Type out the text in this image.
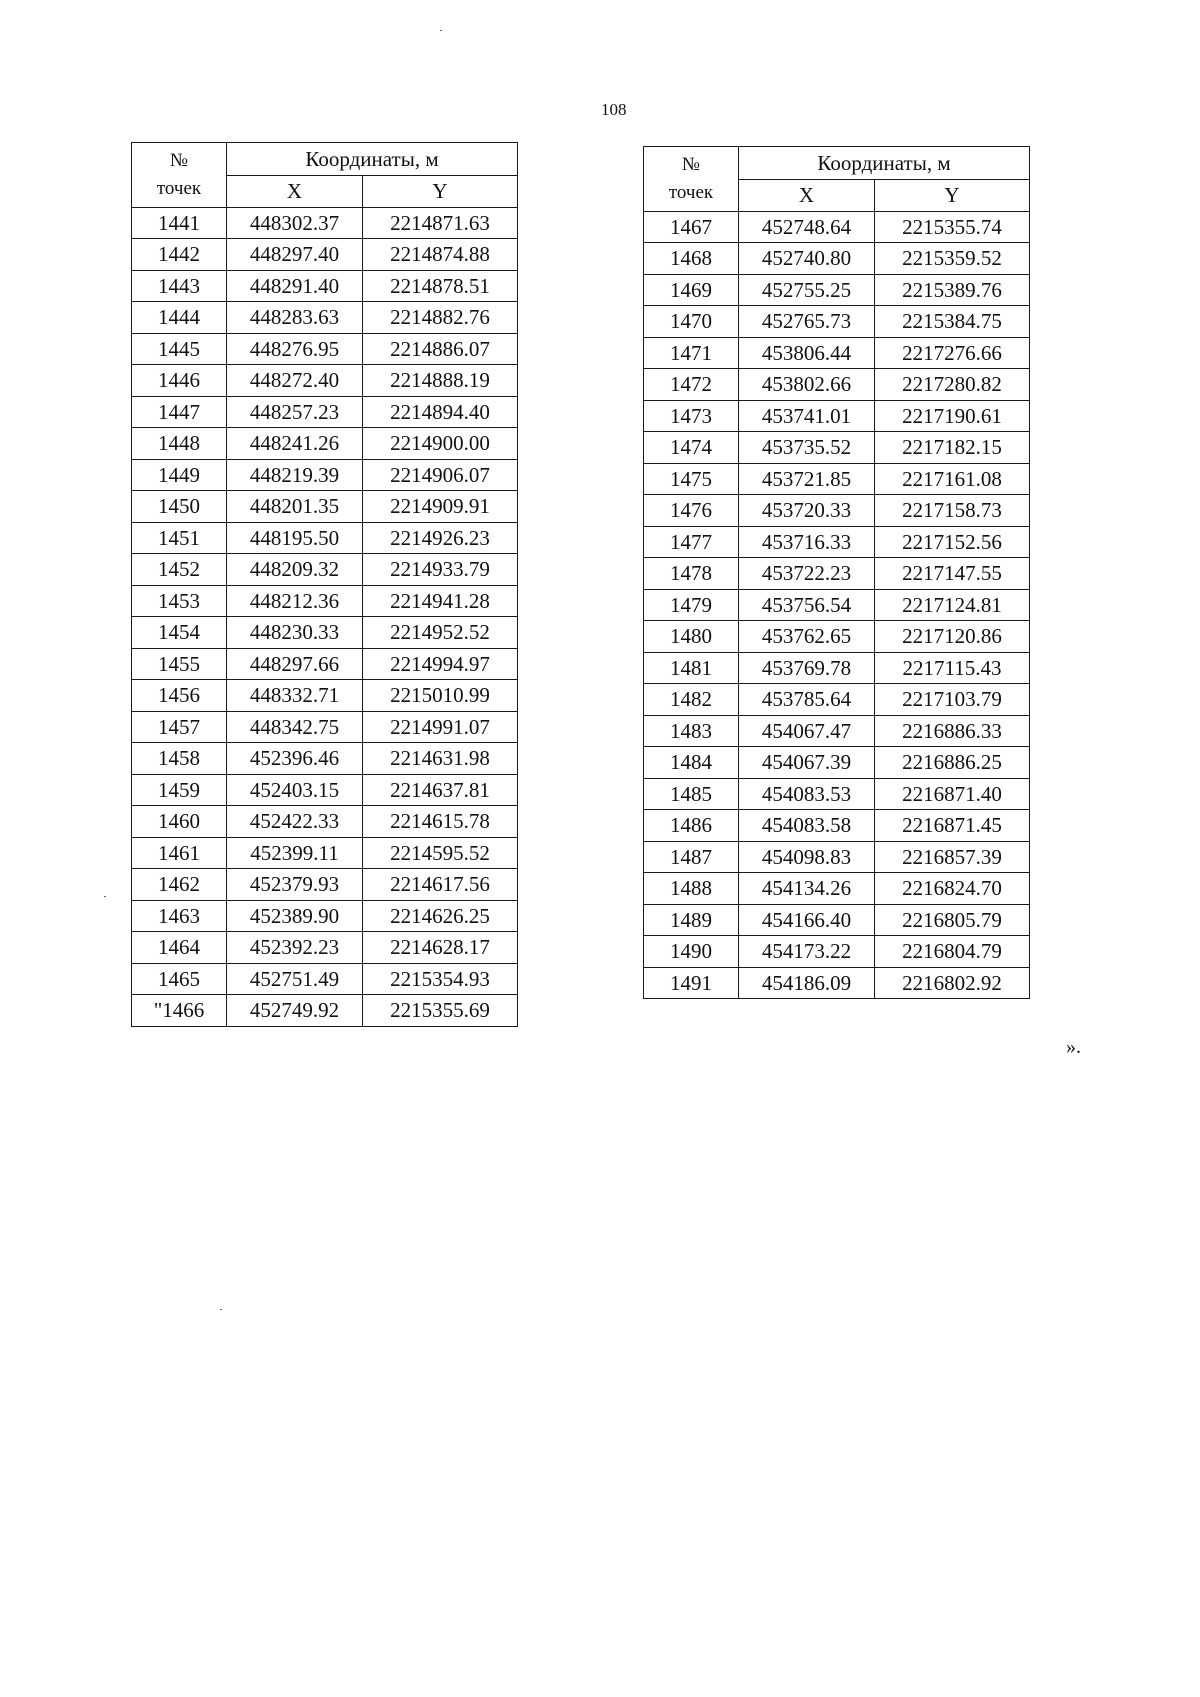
108
№
точек	Координаты, м	
	X	Y
1441	448302.37	2214871.63
1442	448297.40	2214874.88
1443	448291.40	2214878.51
1444	448283.63	2214882.76
1445	448276.95	2214886.07
1446	448272.40	2214888.19
1447	448257.23	2214894.40
1448	448241.26	2214900.00
1449	448219.39	2214906.07
1450	448201.35	2214909.91
1451	448195.50	2214926.23
1452	448209.32	2214933.79
1453	448212.36	2214941.28
1454	448230.33	2214952.52
1455	448297.66	2214994.97
1456	448332.71	2215010.99
1457	448342.75	2214991.07
1458	452396.46	2214631.98
1459	452403.15	2214637.81
1460	452422.33	2214615.78
1461	452399.11	2214595.52
1462	452379.93	2214617.56
1463	452389.90	2214626.25
1464	452392.23	2214628.17
1465	452751.49	2215354.93
"1466	452749.92	2215355.69
№
точек	Координаты, м	
	X	Y
1467	452748.64	2215355.74
1468	452740.80	2215359.52
1469	452755.25	2215389.76
1470	452765.73	2215384.75
1471	453806.44	2217276.66
1472	453802.66	2217280.82
1473	453741.01	2217190.61
1474	453735.52	2217182.15
1475	453721.85	2217161.08
1476	453720.33	2217158.73
1477	453716.33	2217152.56
1478	453722.23	2217147.55
1479	453756.54	2217124.81
1480	453762.65	2217120.86
1481	453769.78	2217115.43
1482	453785.64	2217103.79
1483	454067.47	2216886.33
1484	454067.39	2216886.25
1485	454083.53	2216871.40
1486	454083.58	2216871.45
1487	454098.83	2216857.39
1488	454134.26	2216824.70
1489	454166.40	2216805.79
1490	454173.22	2216804.79
1491	454186.09	2216802.92
».
